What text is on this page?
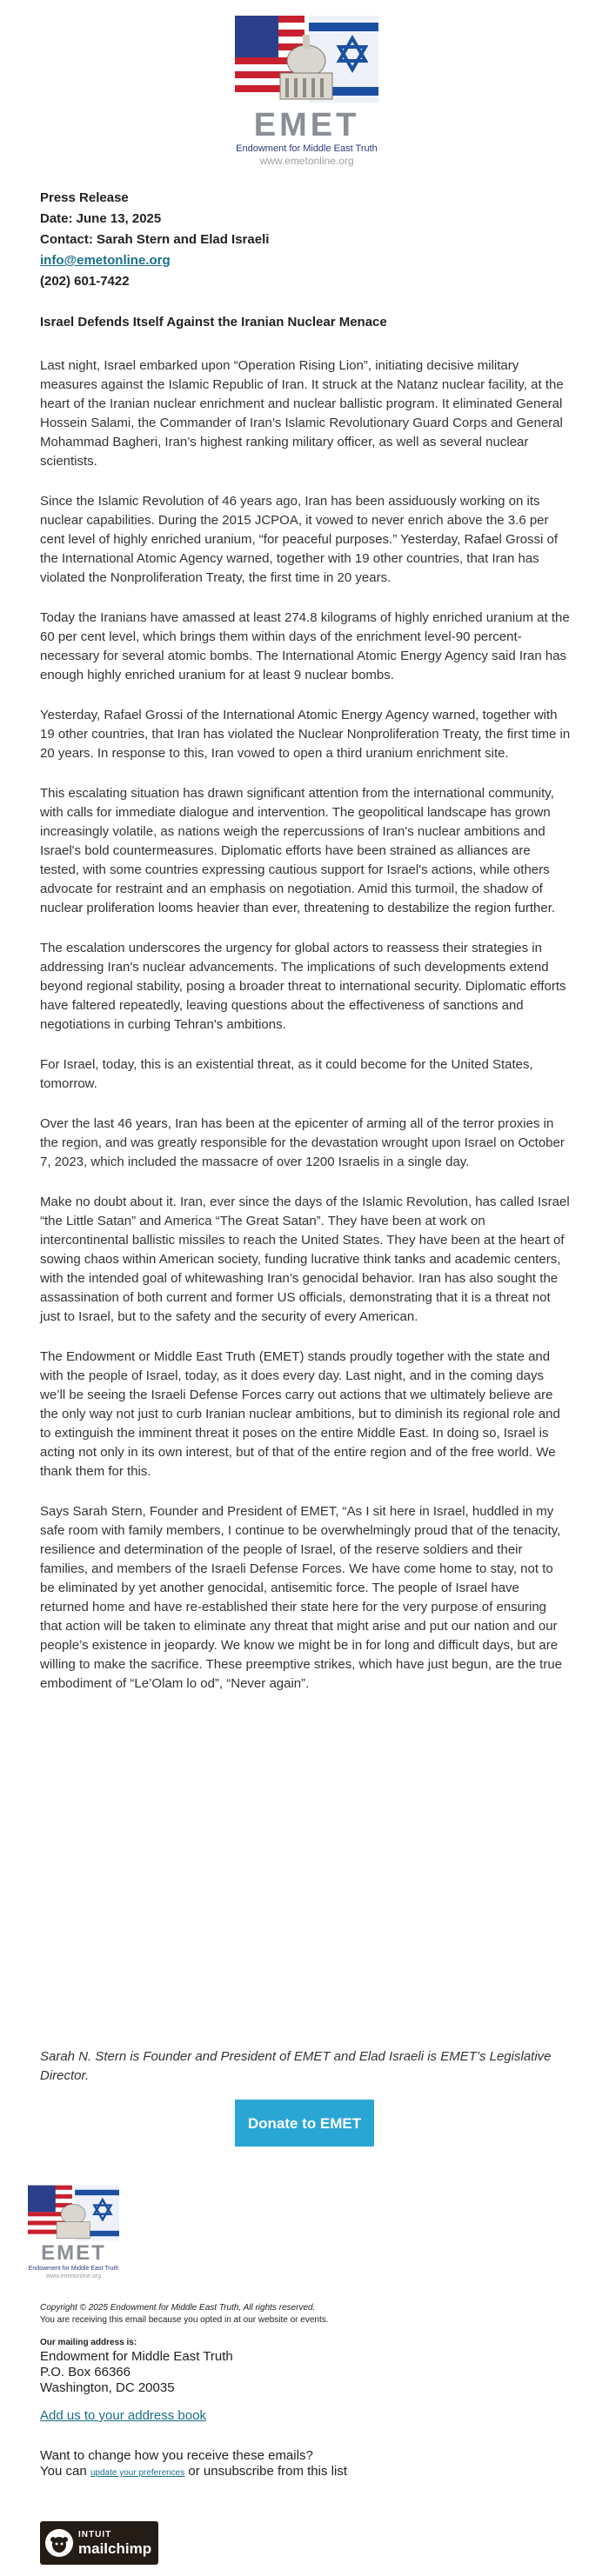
EMET
Endowment for Middle East Truth
www.emetonline.org
Press Release
Date: June 13, 2025
Contact: Sarah Stern and Elad Israeli
info@emetonline.org
(202) 601-7422
Israel Defends Itself Against the Iranian Nuclear Menace

Last night, Israel embarked upon “Operation Rising Lion”, initiating decisive military measures against the Islamic Republic of Iran. It struck at the Natanz nuclear facility, at the heart of the Iranian nuclear enrichment and nuclear ballistic program. It eliminated General Hossein Salami, the Commander of Iran’s Islamic Revolutionary Guard Corps and General Mohammad Bagheri, Iran’s highest ranking military officer, as well as several nuclear scientists.

Since the Islamic Revolution of 46 years ago, Iran has been assiduously working on its nuclear capabilities. During the 2015 JCPOA, it vowed to never enrich above the 3.6 per cent level of highly enriched uranium, “for peaceful purposes.” Yesterday, Rafael Grossi of the International Atomic Agency warned, together with 19 other countries, that Iran has violated the Nonproliferation Treaty, the first time in 20 years.

Today the Iranians have amassed at least 274.8 kilograms of highly enriched uranium at the 60 per cent level, which brings them within days of the enrichment level-90 percent- necessary for several atomic bombs. The International Atomic Energy Agency said Iran has enough highly enriched uranium for at least 9 nuclear bombs.

Yesterday, Rafael Grossi of the International Atomic Energy Agency warned, together with 19 other countries, that Iran has violated the Nuclear Nonproliferation Treaty, the first time in 20 years. In response to this, Iran vowed to open a third uranium enrichment site.

This escalating situation has drawn significant attention from the international community, with calls for immediate dialogue and intervention. The geopolitical landscape has grown increasingly volatile, as nations weigh the repercussions of Iran's nuclear ambitions and Israel's bold countermeasures. Diplomatic efforts have been strained as alliances are tested, with some countries expressing cautious support for Israel's actions, while others advocate for restraint and an emphasis on negotiation. Amid this turmoil, the shadow of nuclear proliferation looms heavier than ever, threatening to destabilize the region further.

The escalation underscores the urgency for global actors to reassess their strategies in addressing Iran's nuclear advancements. The implications of such developments extend beyond regional stability, posing a broader threat to international security. Diplomatic efforts have faltered repeatedly, leaving questions about the effectiveness of sanctions and negotiations in curbing Tehran's ambitions.

For Israel, today, this is an existential threat, as it could become for the United States, tomorrow.

Over the last 46 years, Iran has been at the epicenter of arming all of the terror proxies in the region, and was greatly responsible for the devastation wrought upon Israel on October 7, 2023, which included the massacre of over 1200 Israelis in a single day.

Make no doubt about it. Iran, ever since the days of the Islamic Revolution, has called Israel “the Little Satan” and America “The Great Satan”. They have been at work on intercontinental ballistic missiles to reach the United States. They have been at the heart of sowing chaos within American society, funding lucrative think tanks and academic centers, with the intended goal of whitewashing Iran’s genocidal behavior. Iran has also sought the assassination of both current and former US officials, demonstrating that it is a threat not just to Israel, but to the safety and the security of every American.

The Endowment or Middle East Truth (EMET) stands proudly together with the state and with the people of Israel, today, as it does every day. Last night, and in the coming days we’ll be seeing the Israeli Defense Forces carry out actions that we ultimately believe are the only way not just to curb Iranian nuclear ambitions, but to diminish its regional role and to extinguish the imminent threat it poses on the entire Middle East. In doing so, Israel is acting not only in its own interest, but of that of the entire region and of the free world. We thank them for this.

Says Sarah Stern, Founder and President of EMET, “As I sit here in Israel, huddled in my safe room with family members, I continue to be overwhelmingly proud that of the tenacity, resilience and determination of the people of Israel, of the reserve soldiers and their families, and members of the Israeli Defense Forces. We have come home to stay, not to be eliminated by yet another genocidal, antisemitic force. The people of Israel have returned home and have re-established their state here for the very purpose of ensuring that action will be taken to eliminate any threat that might arise and put our nation and our people’s existence in jeopardy. We know we might be in for long and difficult days, but are willing to make the sacrifice. These preemptive strikes, which have just begun, are the true embodiment of “Le’Olam lo od”, “Never again”.

Sarah N. Stern is Founder and President of EMET and Elad Israeli is EMET’s Legislative Director.
Donate to EMET
EMET
Endowment for Middle East Truth
www.emetonline.org
Copyright © 2025 Endowment for Middle East Truth, All rights reserved.
You are receiving this email because you opted in at our website or events.
Our mailing address is:
Endowment for Middle East Truth
P.O. Box 66366
Washington, DC 20035
Add us to your address book
Want to change how you receive these emails?
You can update your preferences or unsubscribe from this list
INTUIT
mailchimp
